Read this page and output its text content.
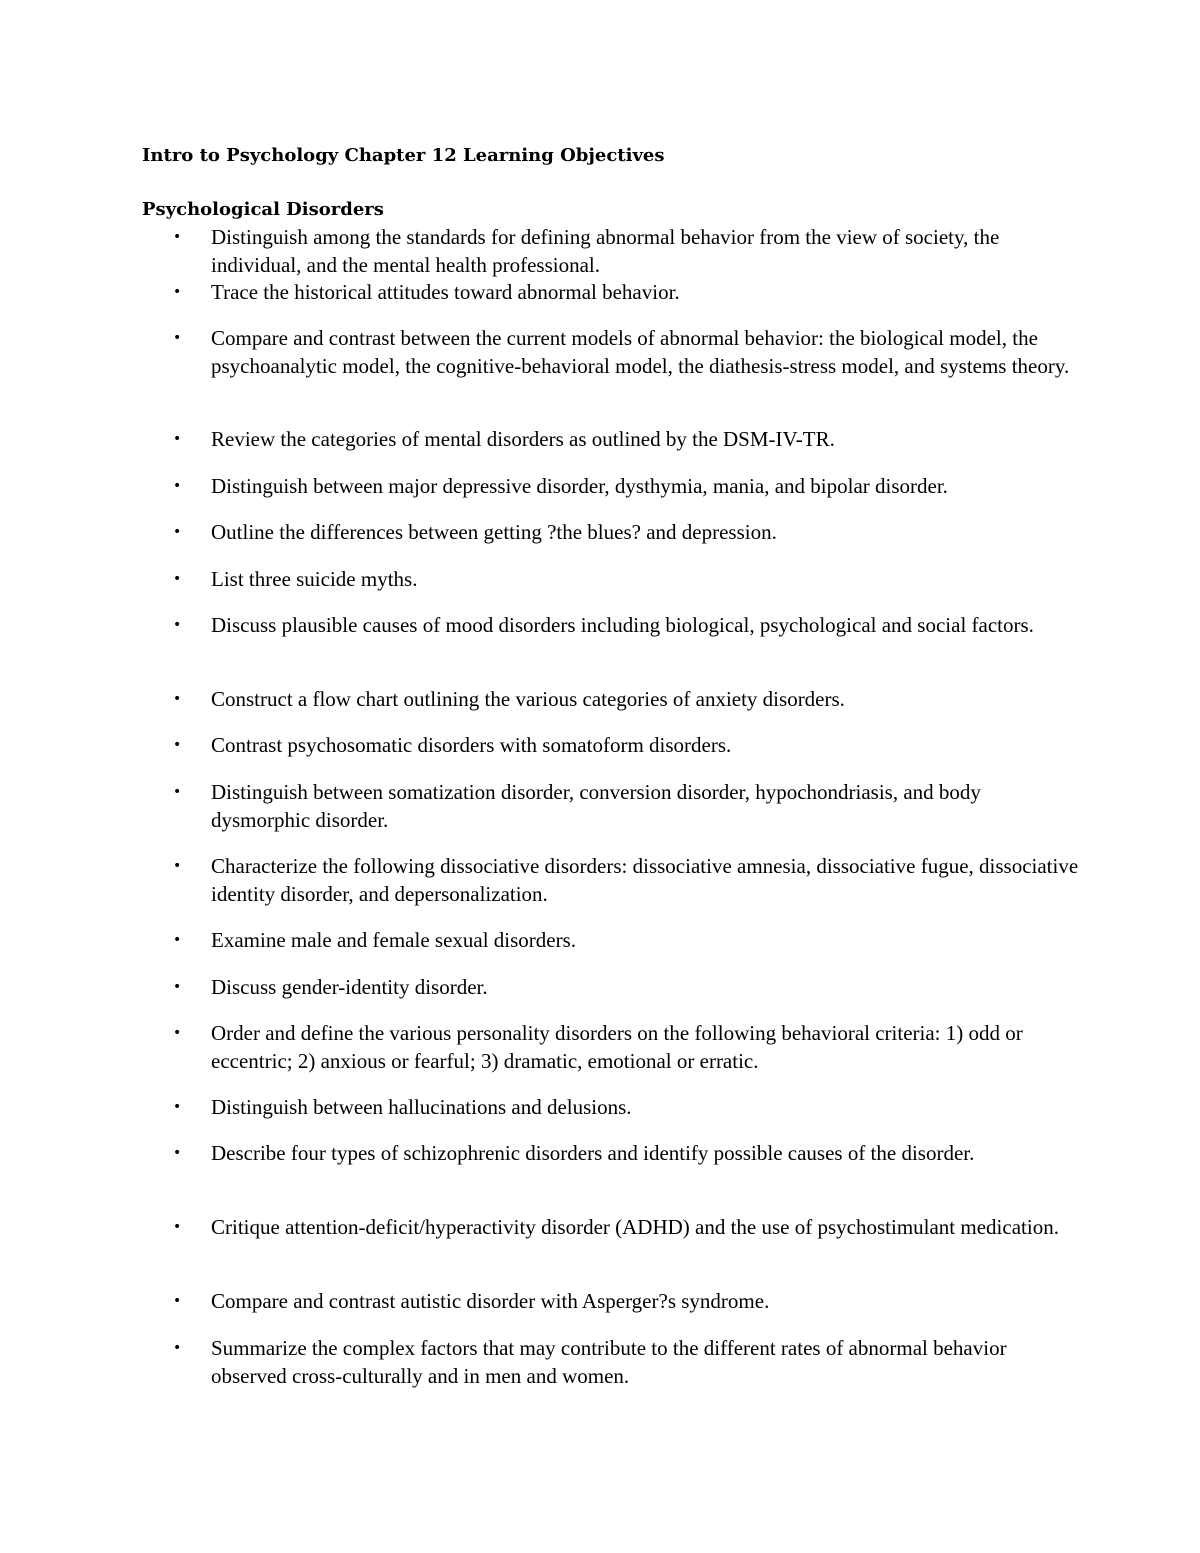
Intro to Psychology Chapter 12 Learning Objectives
Psychological Disorders
• Distinguish among the standards for defining abnormal behavior from the view of society, the individual, and the mental health professional.
• Trace the historical attitudes toward abnormal behavior.
• Compare and contrast between the current models of abnormal behavior: the biological model, the psychoanalytic model, the cognitive-behavioral model, the diathesis-stress model, and systems theory.
• Review the categories of mental disorders as outlined by the DSM-IV-TR.
• Distinguish between major depressive disorder, dysthymia, mania, and bipolar disorder.
• Outline the differences between getting ?the blues? and depression.
• List three suicide myths.
• Discuss plausible causes of mood disorders including biological, psychological and social factors.
• Construct a flow chart outlining the various categories of anxiety disorders.
• Contrast psychosomatic disorders with somatoform disorders.
• Distinguish between somatization disorder, conversion disorder, hypochondriasis, and body dysmorphic disorder.
• Characterize the following dissociative disorders: dissociative amnesia, dissociative fugue, dissociative identity disorder, and depersonalization.
• Examine male and female sexual disorders.
• Discuss gender-identity disorder.
• Order and define the various personality disorders on the following behavioral criteria: 1) odd or eccentric; 2) anxious or fearful; 3) dramatic, emotional or erratic.
• Distinguish between hallucinations and delusions.
• Describe four types of schizophrenic disorders and identify possible causes of the disorder.
• Critique attention-deficit/hyperactivity disorder (ADHD) and the use of psychostimulant medication.
• Compare and contrast autistic disorder with Asperger?s syndrome.
• Summarize the complex factors that may contribute to the different rates of abnormal behavior observed cross-culturally and in men and women.
